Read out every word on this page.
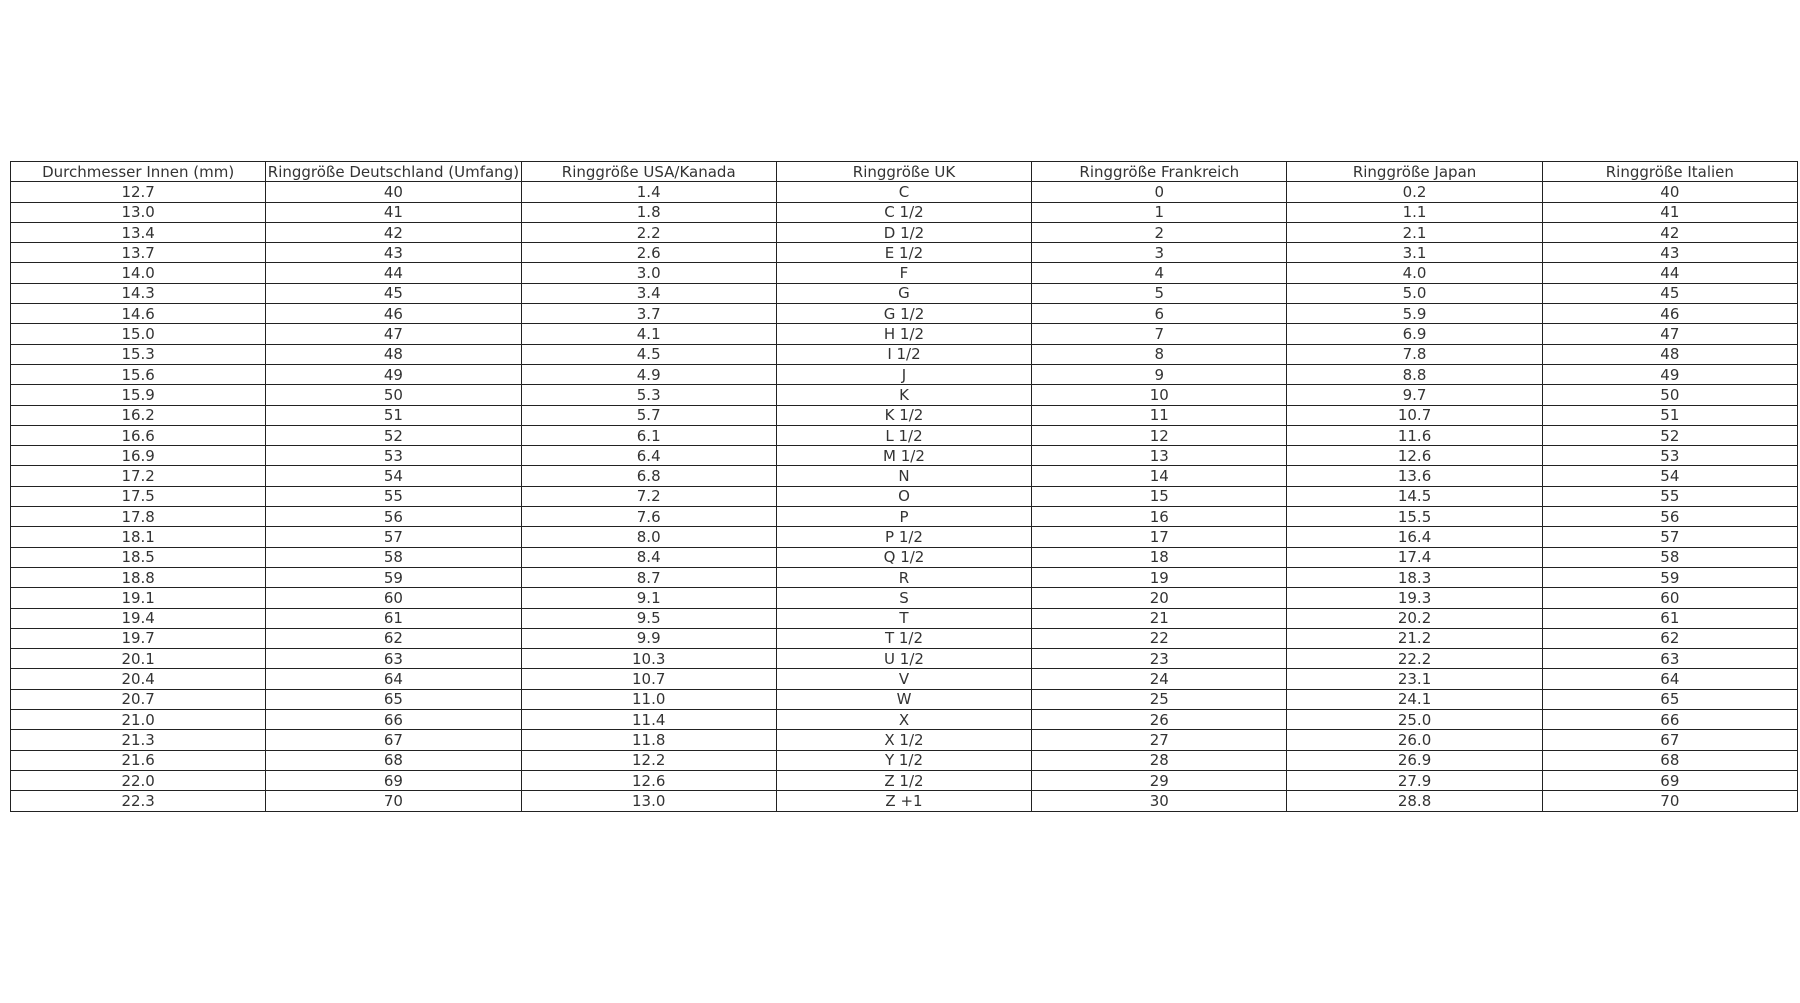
Durchmesser Innen (mm)	Ringgröße Deutschland (Umfang)	Ringgröße USA/Kanada	Ringgröße UK	Ringgröße Frankreich	Ringgröße Japan	Ringgröße Italien
12.7	40	1.4	C	0	0.2	40
13.0	41	1.8	C 1/2	1	1.1	41
13.4	42	2.2	D 1/2	2	2.1	42
13.7	43	2.6	E 1/2	3	3.1	43
14.0	44	3.0	F	4	4.0	44
14.3	45	3.4	G	5	5.0	45
14.6	46	3.7	G 1/2	6	5.9	46
15.0	47	4.1	H 1/2	7	6.9	47
15.3	48	4.5	I 1/2	8	7.8	48
15.6	49	4.9	J	9	8.8	49
15.9	50	5.3	K	10	9.7	50
16.2	51	5.7	K 1/2	11	10.7	51
16.6	52	6.1	L 1/2	12	11.6	52
16.9	53	6.4	M 1/2	13	12.6	53
17.2	54	6.8	N	14	13.6	54
17.5	55	7.2	O	15	14.5	55
17.8	56	7.6	P	16	15.5	56
18.1	57	8.0	P 1/2	17	16.4	57
18.5	58	8.4	Q 1/2	18	17.4	58
18.8	59	8.7	R	19	18.3	59
19.1	60	9.1	S	20	19.3	60
19.4	61	9.5	T	21	20.2	61
19.7	62	9.9	T 1/2	22	21.2	62
20.1	63	10.3	U 1/2	23	22.2	63
20.4	64	10.7	V	24	23.1	64
20.7	65	11.0	W	25	24.1	65
21.0	66	11.4	X	26	25.0	66
21.3	67	11.8	X 1/2	27	26.0	67
21.6	68	12.2	Y 1/2	28	26.9	68
22.0	69	12.6	Z 1/2	29	27.9	69
22.3	70	13.0	Z +1	30	28.8	70
